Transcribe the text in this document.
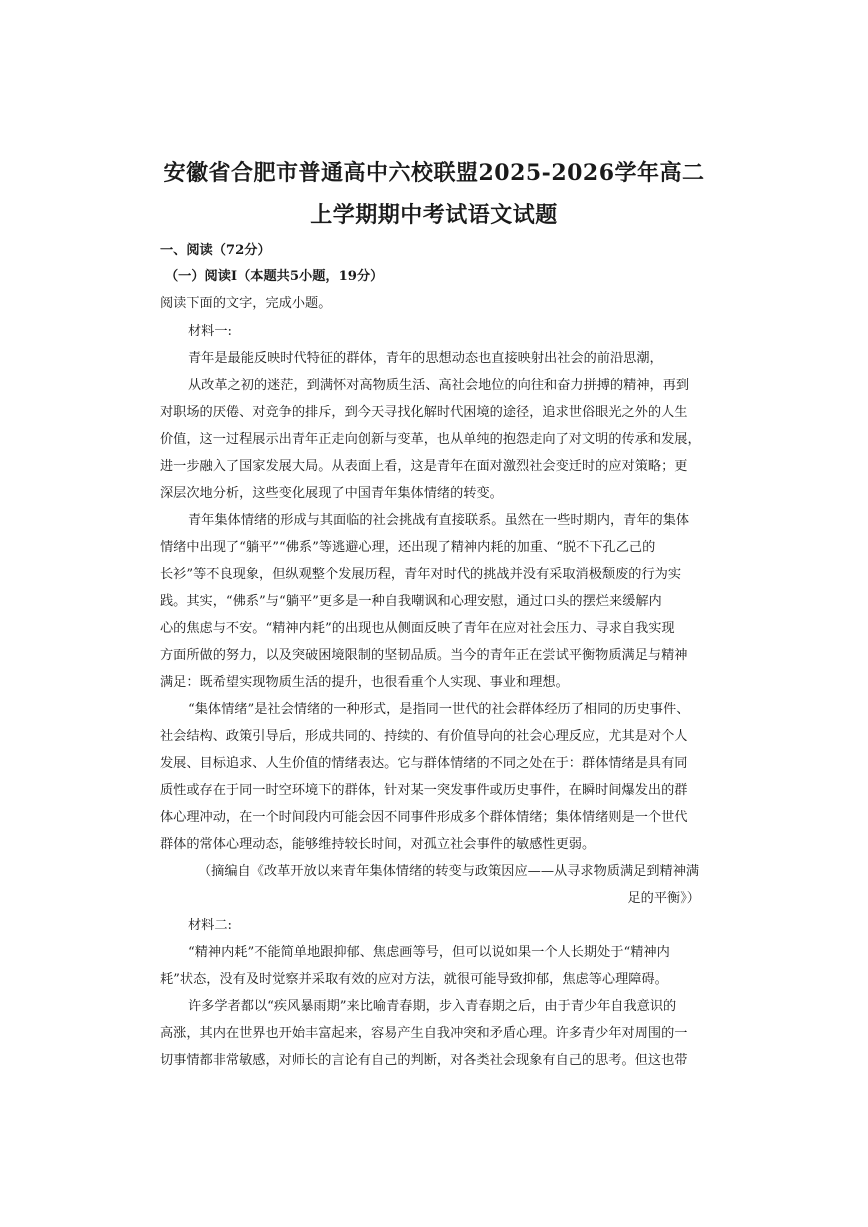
安徽省合肥市普通高中六校联盟2025-2026学年高二
上学期期中考试语文试题
一、阅读（72分）
（一）阅读Ⅰ（本题共5小题，19分）
阅读下面的文字，完成小题。
材料一:
青年是最能反映时代特征的群体，青年的思想动态也直接映射出社会的前沿思潮，
从改革之初的迷茫，到满怀对高物质生活、高社会地位的向往和奋力拼搏的精神，再到
对职场的厌倦、对竞争的排斥，到今天寻找化解时代困境的途径，追求世俗眼光之外的人生
价值，这一过程展示出青年正走向创新与变革，也从单纯的抱怨走向了对文明的传承和发展，
进一步融入了国家发展大局。从表面上看，这是青年在面对激烈社会变迁时的应对策略；更
深层次地分析，这些变化展现了中国青年集体情绪的转变。
青年集体情绪的形成与其面临的社会挑战有直接联系。虽然在一些时期内，青年的集体
情绪中出现了“躺平”“佛系”等逃避心理，还出现了精神内耗的加重、“脱不下孔乙己的
长衫”等不良现象，但纵观整个发展历程，青年对时代的挑战并没有采取消极颓废的行为实
践。其实，“佛系”与“躺平”更多是一种自我嘲讽和心理安慰，通过口头的摆烂来缓解内
心的焦虑与不安。“精神内耗”的出现也从侧面反映了青年在应对社会压力、寻求自我实现
方面所做的努力，以及突破困境限制的坚韧品质。当今的青年正在尝试平衡物质满足与精神
满足：既希望实现物质生活的提升，也很看重个人实现、事业和理想。
“集体情绪”是社会情绪的一种形式，是指同一世代的社会群体经历了相同的历史事件、
社会结构、政策引导后，形成共同的、持续的、有价值导向的社会心理反应，尤其是对个人
发展、目标追求、人生价值的情绪表达。它与群体情绪的不同之处在于：群体情绪是具有同
质性或存在于同一时空环境下的群体，针对某一突发事件或历史事件，在瞬时间爆发出的群
体心理冲动，在一个时间段内可能会因不同事件形成多个群体情绪；集体情绪则是一个世代
群体的常体心理动态，能够维持较长时间，对孤立社会事件的敏感性更弱。
（摘编自《改革开放以来青年集体情绪的转变与政策因应——从寻求物质满足到精神满
足的平衡》）
材料二:
“精神内耗”不能简单地跟抑郁、焦虑画等号，但可以说如果一个人长期处于“精神内
耗”状态，没有及时觉察并采取有效的应对方法，就很可能导致抑郁，焦虑等心理障碍。
许多学者都以“疾风暴雨期”来比喻青春期，步入青春期之后，由于青少年自我意识的
高涨，其内在世界也开始丰富起来，容易产生自我冲突和矛盾心理。许多青少年对周围的一
切事情都非常敏感，对师长的言论有自己的判断，对各类社会现象有自己的思考。但这也带
